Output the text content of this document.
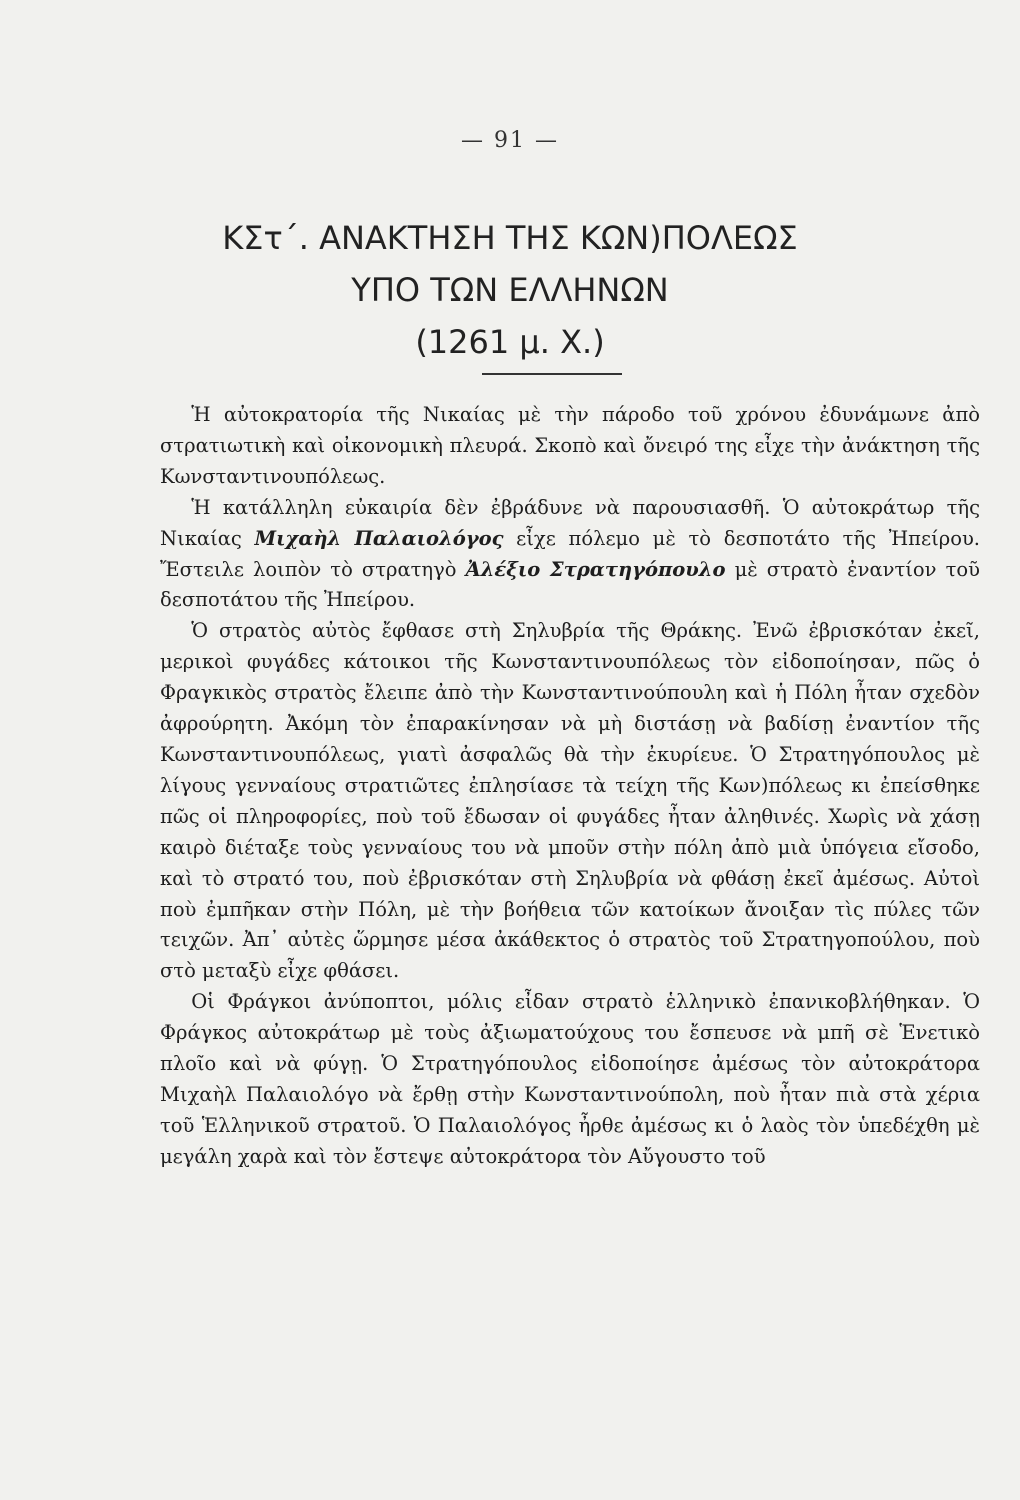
— 91 —
ΚΣτ΄. ΑΝΑΚΤΗΣΗ ΤΗΣ ΚΩΝ)ΠΟΛΕΩΣ
ΥΠΟ ΤΩΝ ΕΛΛΗΝΩΝ
(1261 μ. Χ.)

Ἡ αὐτοκρατορία τῆς Νικαίας μὲ τὴν πάροδο τοῦ χρόνου ἐδυνάμωνε ἀπὸ στρατιωτικὴ καὶ οἰκονομικὴ πλευρά. Σκοπὸ καὶ ὄνειρό της εἶχε τὴν ἀνάκτηση τῆς Κωνσταντινουπόλεως.

Ἡ κατάλληλη εὐκαιρία δὲν ἐβράδυνε νὰ παρουσιασθῆ. Ὁ αὐτοκράτωρ τῆς Νικαίας Μιχαὴλ Παλαιολόγος εἶχε πόλεμο μὲ τὸ δεσποτάτο τῆς Ἠπείρου. Ἔστειλε λοιπὸν τὸ στρατηγὸ Ἀλέξιο Στρατηγόπουλο μὲ στρατὸ ἐναντίον τοῦ δεσποτάτου τῆς Ἠπείρου.

Ὁ στρατὸς αὐτὸς ἔφθασε στὴ Σηλυβρία τῆς Θράκης. Ἐνῶ ἐβρισκόταν ἐκεῖ, μερικοὶ φυγάδες κάτοικοι τῆς Κωνσταντινουπόλεως τὸν εἰδοποίησαν, πῶς ὁ Φραγκικὸς στρατὸς ἔλειπε ἀπὸ τὴν Κωνσταντινούπουλη καὶ ἡ Πόλη ἦταν σχεδὸν ἀφρούρητη. Ἀκόμη τὸν ἐπαρακίνησαν νὰ μὴ διστάσῃ νὰ βαδίσῃ ἐναντίον τῆς Κωνσταντινουπόλεως, γιατὶ ἀσφαλῶς θὰ τὴν ἐκυρίευε. Ὁ Στρατηγόπουλος μὲ λίγους γενναίους στρατιῶτες ἐπλησίασε τὰ τείχη τῆς Κων)πόλεως κι ἐπείσθηκε πῶς οἱ πληροφορίες, ποὺ τοῦ ἔδωσαν οἱ φυγάδες ἦταν ἀληθινές. Χωρὶς νὰ χάσῃ καιρὸ διέταξε τοὺς γενναίους του νὰ μποῦν στὴν πόλη ἀπὸ μιὰ ὑπόγεια εἴσοδο, καὶ τὸ στρατό του, ποὺ ἐβρισκόταν στὴ Σηλυβρία νὰ φθάσῃ ἐκεῖ ἀμέσως. Αὐτοὶ ποὺ ἐμπῆκαν στὴν Πόλη, μὲ τὴν βοήθεια τῶν κατοίκων ἄνοιξαν τὶς πύλες τῶν τειχῶν. Ἀπ᾽ αὐτὲς ὥρμησε μέσα ἀκάθεκτος ὁ στρατὸς τοῦ Στρατηγοπούλου, ποὺ στὸ μεταξὺ εἶχε φθάσει.

Οἱ Φράγκοι ἀνύποπτοι, μόλις εἶδαν στρατὸ ἑλληνικὸ ἐπανικοβλήθηκαν. Ὁ Φράγκος αὐτοκράτωρ μὲ τοὺς ἀξιωματούχους του ἔσπευσε νὰ μπῆ σὲ Ἑνετικὸ πλοῖο καὶ νὰ φύγῃ. Ὁ Στρατηγόπουλος εἰδοποίησε ἀμέσως τὸν αὐτοκράτορα Μιχαὴλ Παλαιολόγο νὰ ἔρθῃ στὴν Κωνσταντινούπολη, ποὺ ἦταν πιὰ στὰ χέρια τοῦ Ἑλληνικοῦ στρατοῦ. Ὁ Παλαιολόγος ἦρθε ἀμέσως κι ὁ λαὸς τὸν ὑπεδέχθη μὲ μεγάλη χαρὰ καὶ τὸν ἔστεψε αὐτοκράτορα τὸν Αὔγουστο τοῦ
